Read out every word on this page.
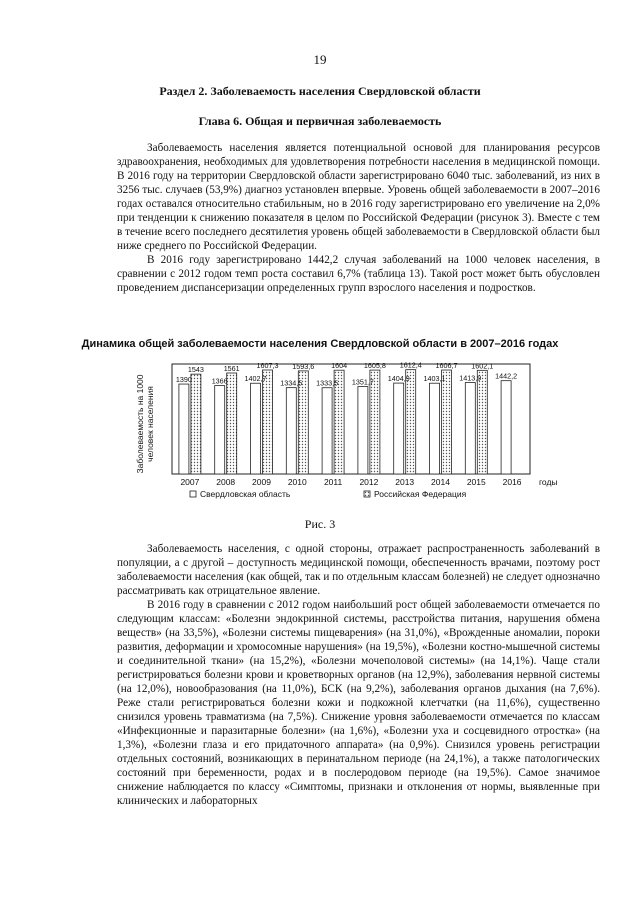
19
Раздел 2. Заболеваемость населения Свердловской области
Глава 6. Общая и первичная заболеваемость

Заболеваемость населения является потенциальной основой для планирования ресурсов здравоохранения, необходимых для удовлетворения потребности населения в медицинской помощи. В 2016 году на территории Свердловской области зарегистрировано 6040 тыс. заболеваний, из них в 3256 тыс. случаев (53,9%) диагноз установлен впервые. Уровень общей заболеваемости в 2007–2016 годах оставался относительно стабильным, но в 2016 году зарегистрировано его увеличение на 2,0% при тенденции к снижению показателя в целом по Российской Федерации (рисунок 3). Вместе с тем в течение всего последнего десятилетия уровень общей заболеваемости в Свердловской области был ниже среднего по Российской Федерации.

В 2016 году зарегистрировано 1442,2 случая заболеваний на 1000 человек населения, в сравнении с 2012 годом темп роста составил 6,7% (таблица 13). Такой рост может быть обусловлен проведением диспансеризации определенных групп взрослого населения и подростков.

Динамика общей заболеваемости населения Свердловской области в 2007–2016 годах
Заболеваемость на 1000 человек населения
1390
1543
1366
1561
1402,7
1607,3
1334,5
1593,6
1333,5
1604
1351,7
1605,8
1404,9
1612,4
1403,1
1606,7
1413,9
1602,1
1442,2
2007 2008 2009 2010 2011 2012 2013 2014 2015 2016 годы
Свердловская область	Российская Федерация
Рис. 3

Заболеваемость населения, с одной стороны, отражает распространенность заболеваний в популяции, а с другой – доступность медицинской помощи, обеспеченность врачами, поэтому рост заболеваемости населения (как общей, так и по отдельным классам болезней) не следует однозначно рассматривать как отрицательное явление.

В 2016 году в сравнении с 2012 годом наибольший рост общей заболеваемости отмечается по следующим классам: «Болезни эндокринной системы, расстройства питания, нарушения обмена веществ» (на 33,5%), «Болезни системы пищеварения» (на 31,0%), «Врожденные аномалии, пороки развития, деформации и хромосомные нарушения» (на 19,5%), «Болезни костно-мышечной системы и соединительной ткани» (на 15,2%), «Болезни мочеполовой системы» (на 14,1%). Чаще стали регистрироваться болезни крови и кроветворных органов (на 12,9%), заболевания нервной системы (на 12,0%), новообразования (на 11,0%), БСК (на 9,2%), заболевания органов дыхания (на 7,6%). Реже стали регистрироваться болезни кожи и подкожной клетчатки (на 11,6%), существенно снизился уровень травматизма (на 7,5%). Снижение уровня заболеваемости отмечается по классам «Инфекционные и паразитарные болезни» (на 1,6%), «Болезни уха и сосцевидного отростка» (на 1,3%), «Болезни глаза и его придаточного аппарата» (на 0,9%). Снизился уровень регистрации отдельных состояний, возникающих в перинатальном периоде (на 24,1%), а также патологических состояний при беременности, родах и в послеродовом периоде (на 19,5%). Самое значимое снижение наблюдается по классу «Симптомы, признаки и отклонения от нормы, выявленные при клинических и лабораторных
